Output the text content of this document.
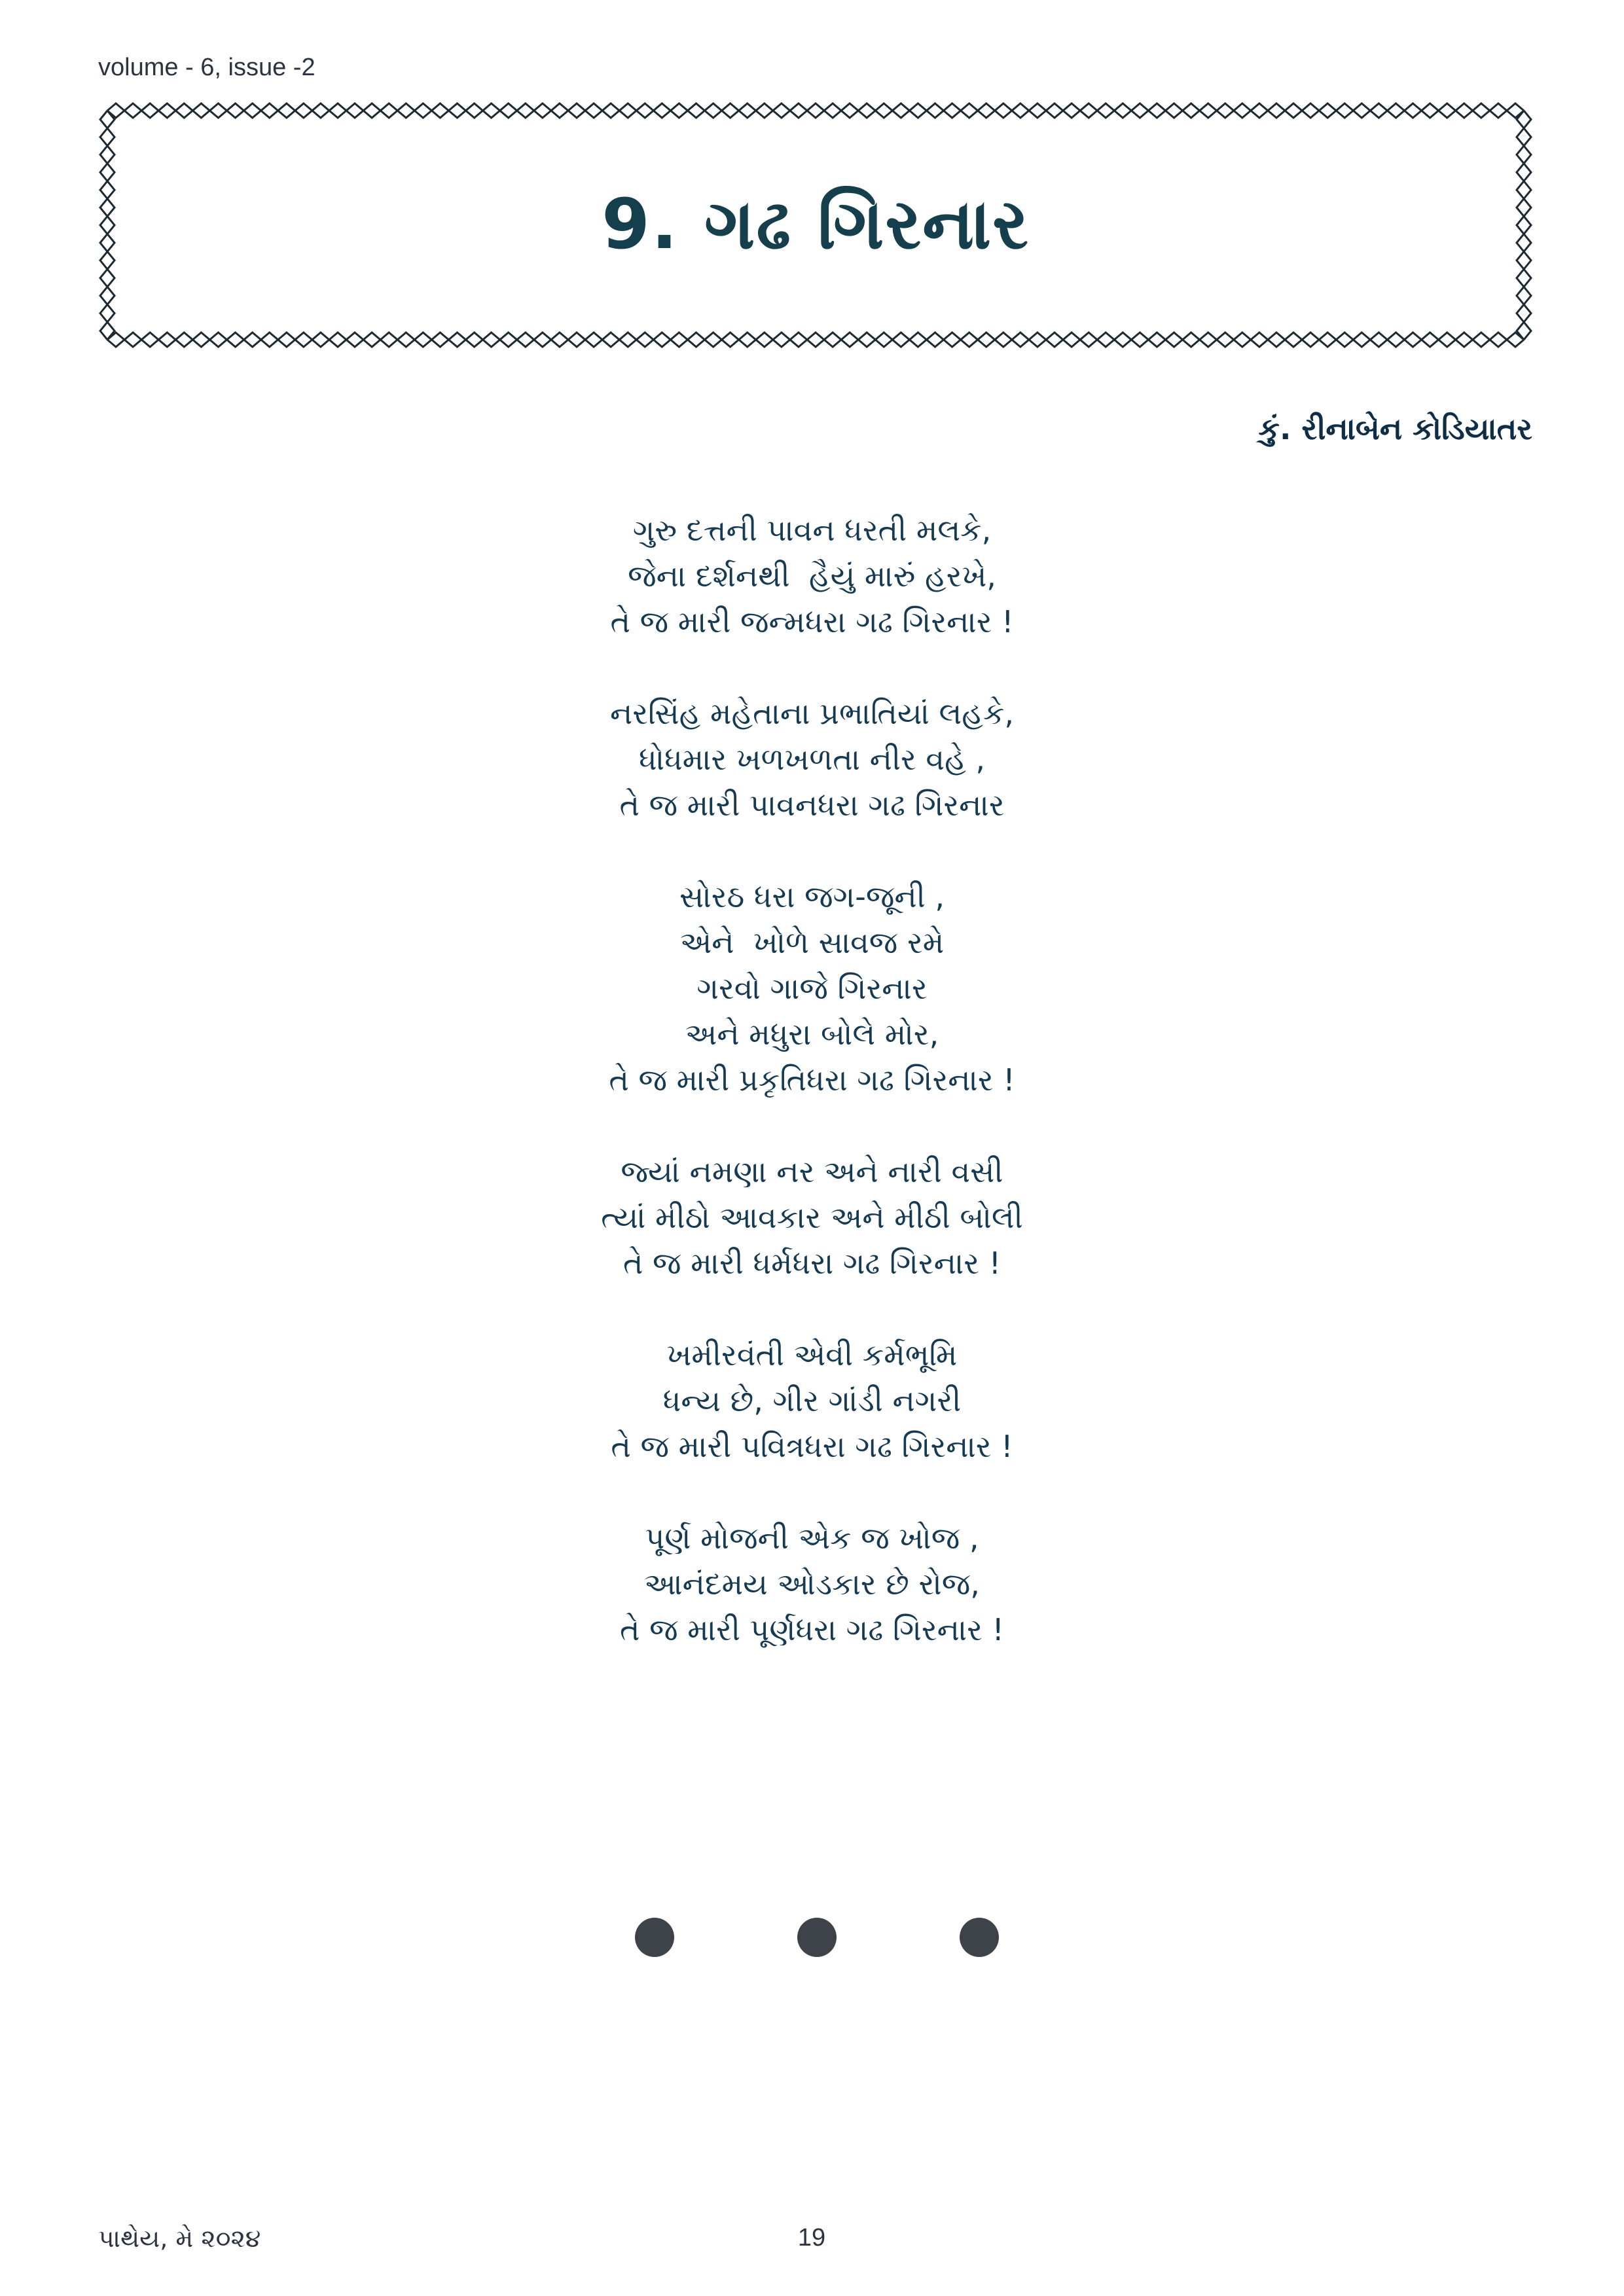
volume - 6, issue -2
9. ગઢ ગિરનાર
કું. રીનાબેન કોડિયાતર
ગુરુ દત્તની પાવન ધરતી મલકે,
જેના દર્શનથી  હૈયું મારું હરખે,
તે જ મારી જન્મધરા ગઢ ગિરનાર !
નરસિંહ મહેતાના પ્રભાતિયાં લહકે,
ધોધમાર ખળખળતા નીર વહે ,
તે જ મારી પાવનધરા ગઢ ગિરનાર
સોરઠ ધરા જગ-જૂની ,
એને  ખોળે સાવજ રમે
ગરવો ગાજે ગિરનાર
અને મધુરા બોલે મોર,
તે જ મારી પ્રકૃતિધરા ગઢ ગિરનાર !
જ્યાં નમણા નર અને નારી વસી
ત્યાં મીઠો આવકાર અને મીઠી બોલી
તે જ મારી ધર્મધરા ગઢ ગિરનાર !
ખમીરવંતી એવી કર્મભૂમિ
ધન્ય છે, ગીર ગાંડી નગરી
તે જ મારી પવિત્રધરા ગઢ ગિરનાર !
પૂર્ણ મોજની એક જ ખોજ ,
આનંદમય ઓડકાર છે રોજ,
તે જ મારી પૂર્ણધરા ગઢ ગિરનાર !
પાથેય, મે ૨૦૨૪	19
